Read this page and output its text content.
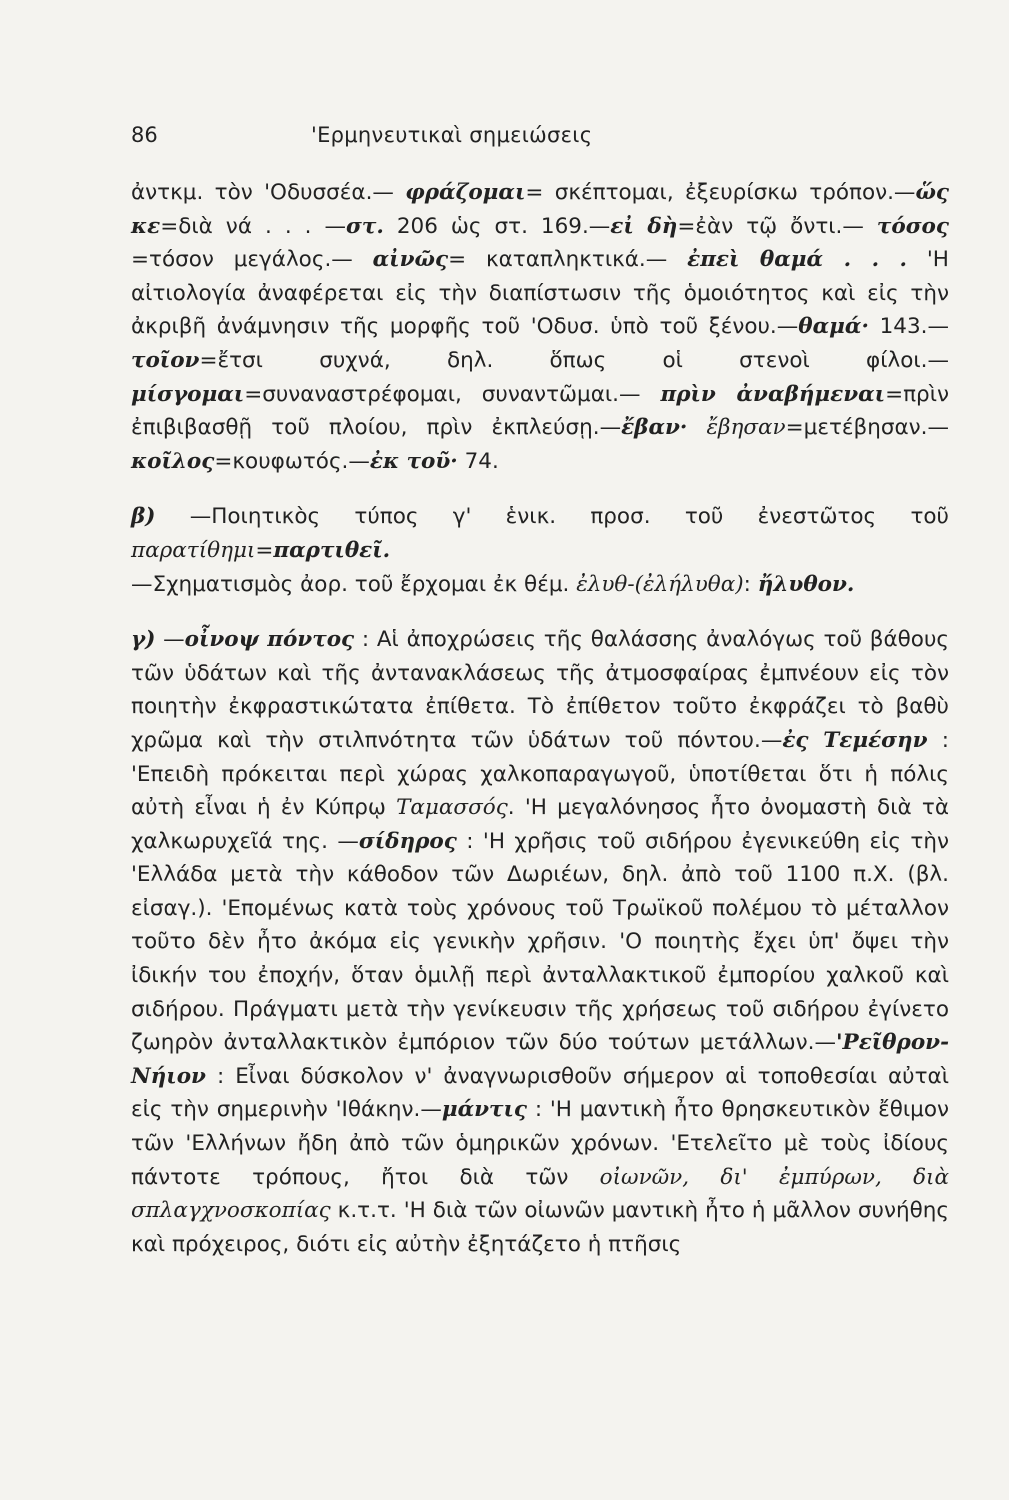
86	'Ερμηνευτικαὶ σημειώσεις

ἀντκμ. τὸν 'Οδυσσέα.— φράζομαι= σκέπτομαι, ἐξευρίσκω τρόπον.—ὥς κε=διὰ νά . . . —στ. 206 ὡς στ. 169.—εἰ δὴ=ἐὰν τῷ ὄντι.— τόσος =τόσον μεγάλος.— αἰνῶς= καταπληκτικά.— ἐπεὶ θαμά . . . 'Η αἰτιολογία ἀναφέρεται εἰς τὴν διαπίστωσιν τῆς ὁμοιότητος καὶ εἰς τὴν ἀκριβῆ ἀνάμνησιν τῆς μορφῆς τοῦ 'Οδυσ. ὑπὸ τοῦ ξένου.—θαμά· 143.—τοῖον=ἔτσι συχνά, δηλ. ὅπως οἱ στενοὶ φίλοι.—μίσγομαι=συναναστρέφομαι, συναντῶμαι.— πρὶν ἀναβήμεναι=πρὶν ἐπιβιβασθῇ τοῦ πλοίου, πρὶν ἐκπλεύσῃ.—ἔβαν· ἔβησαν=μετέβησαν.—κοῖλος=κουφωτός.—ἐκ τοῦ· 74.

β) —Ποιητικὸς τύπος γ' ἑνικ. προσ. τοῦ ἐνεστῶτος τοῦ παρατίθημι=παρτιθεῖ.

—Σχηματισμὸς ἀορ. τοῦ ἔρχομαι ἐκ θέμ. ἐλυθ-(ἐλήλυθα): ἤλυθον.

γ) —οἶνοψ πόντος : Αἱ ἀποχρώσεις τῆς θαλάσσης ἀναλόγως τοῦ βάθους τῶν ὑδάτων καὶ τῆς ἀντανακλάσεως τῆς ἀτμοσφαίρας ἐμπνέουν εἰς τὸν ποιητὴν ἐκφραστικώτατα ἐπίθετα. Τὸ ἐπίθετον τοῦτο ἐκφράζει τὸ βαθὺ χρῶμα καὶ τὴν στιλπνότητα τῶν ὑδάτων τοῦ πόντου.—ἐς Τεμέσην : 'Επειδὴ πρόκειται περὶ χώρας χαλκοπαραγωγοῦ, ὑποτίθεται ὅτι ἡ πόλις αὐτὴ εἶναι ἡ ἐν Κύπρῳ Ταμασσός. 'Η μεγαλόνησος ἦτο ὀνομαστὴ διὰ τὰ χαλκωρυχεῖά της. —σίδηρος : 'Η χρῆσις τοῦ σιδήρου ἐγενικεύθη εἰς τὴν 'Ελλάδα μετὰ τὴν κάθοδον τῶν Δωριέων, δηλ. ἀπὸ τοῦ 1100 π.Χ. (βλ. εἰσαγ.). 'Επομένως κατὰ τοὺς χρόνους τοῦ Τρωϊκοῦ πολέμου τὸ μέταλλον τοῦτο δὲν ἦτο ἀκόμα εἰς γενικὴν χρῆσιν. 'Ο ποιητὴς ἔχει ὑπ' ὄψει τὴν ἰδικήν του ἐποχήν, ὅταν ὁμιλῇ περὶ ἀνταλλακτικοῦ ἐμπορίου χαλκοῦ καὶ σιδήρου. Πράγματι μετὰ τὴν γενίκευσιν τῆς χρήσεως τοῦ σιδήρου ἐγίνετο ζωηρὸν ἀνταλλακτικὸν ἐμπόριον τῶν δύο τούτων μετάλλων.—'Ρεῖθρον-Νήιον : Εἶναι δύσκολον ν' ἀναγνωρισθοῦν σήμερον αἱ τοποθεσίαι αὐταὶ εἰς τὴν σημερινὴν 'Ιθάκην.—μάντις : 'Η μαντικὴ ἦτο θρησκευτικὸν ἔθιμον τῶν 'Ελλήνων ἤδη ἀπὸ τῶν ὁμηρικῶν χρόνων. 'Ετελεῖτο μὲ τοὺς ἰδίους πάντοτε τρόπους, ἤτοι διὰ τῶν οἰωνῶν, δι' ἐμπύρων, διὰ σπλαγχνοσκοπίας κ.τ.τ. 'Η διὰ τῶν οἰωνῶν μαντικὴ ἦτο ἡ μᾶλλον συνήθης καὶ πρόχειρος, διότι εἰς αὐτὴν ἐξητάζετο ἡ πτῆσις
